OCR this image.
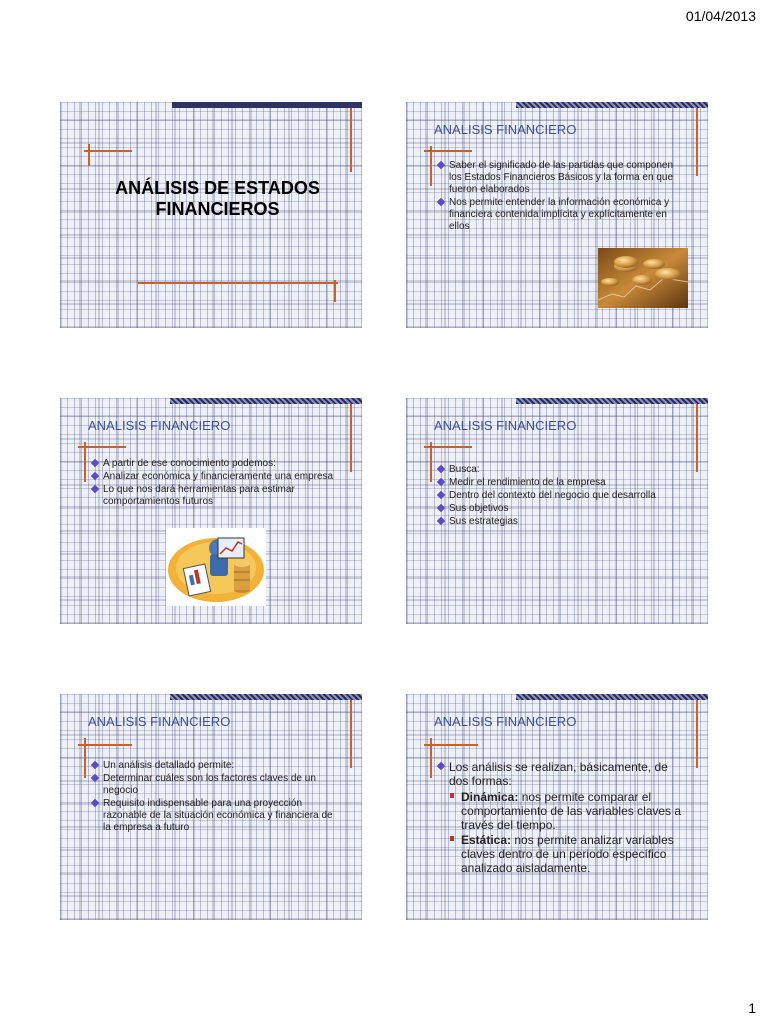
01/04/2013
ANÁLISIS DE ESTADOS FINANCIEROS
ANALISIS FINANCIERO
Saber el significado de las partidas que componen los Estados Financieros Básicos y la forma en que fueron elaborados
Nos permite entender la información económica y financiera contenida implícita y explícitamente en ellos
ANALISIS FINANCIERO
A partir de ese conocimiento podemos:
Analizar económica y financieramente una empresa
Lo que nos dará herramientas para estimar comportamientos futuros
ANALISIS FINANCIERO
Busca:
Medir el rendimiento de la empresa
Dentro del contexto del negocio que desarrolla
Sus objetivos
Sus estrategias
ANALISIS FINANCIERO
Un análisis detallado permite:
Determinar cuáles son los factores claves de un negocio
Requisito indispensable para una proyección razonable de la situación económica y financiera de la empresa a futuro
ANALISIS FINANCIERO
Los análisis se realizan, básicamente, de dos formas:
Dinámica: nos permite comparar el comportamiento de las variables claves a través del tiempo.
Estática: nos permite analizar variables claves dentro de un periodo específico analizado aisladamente.
1
